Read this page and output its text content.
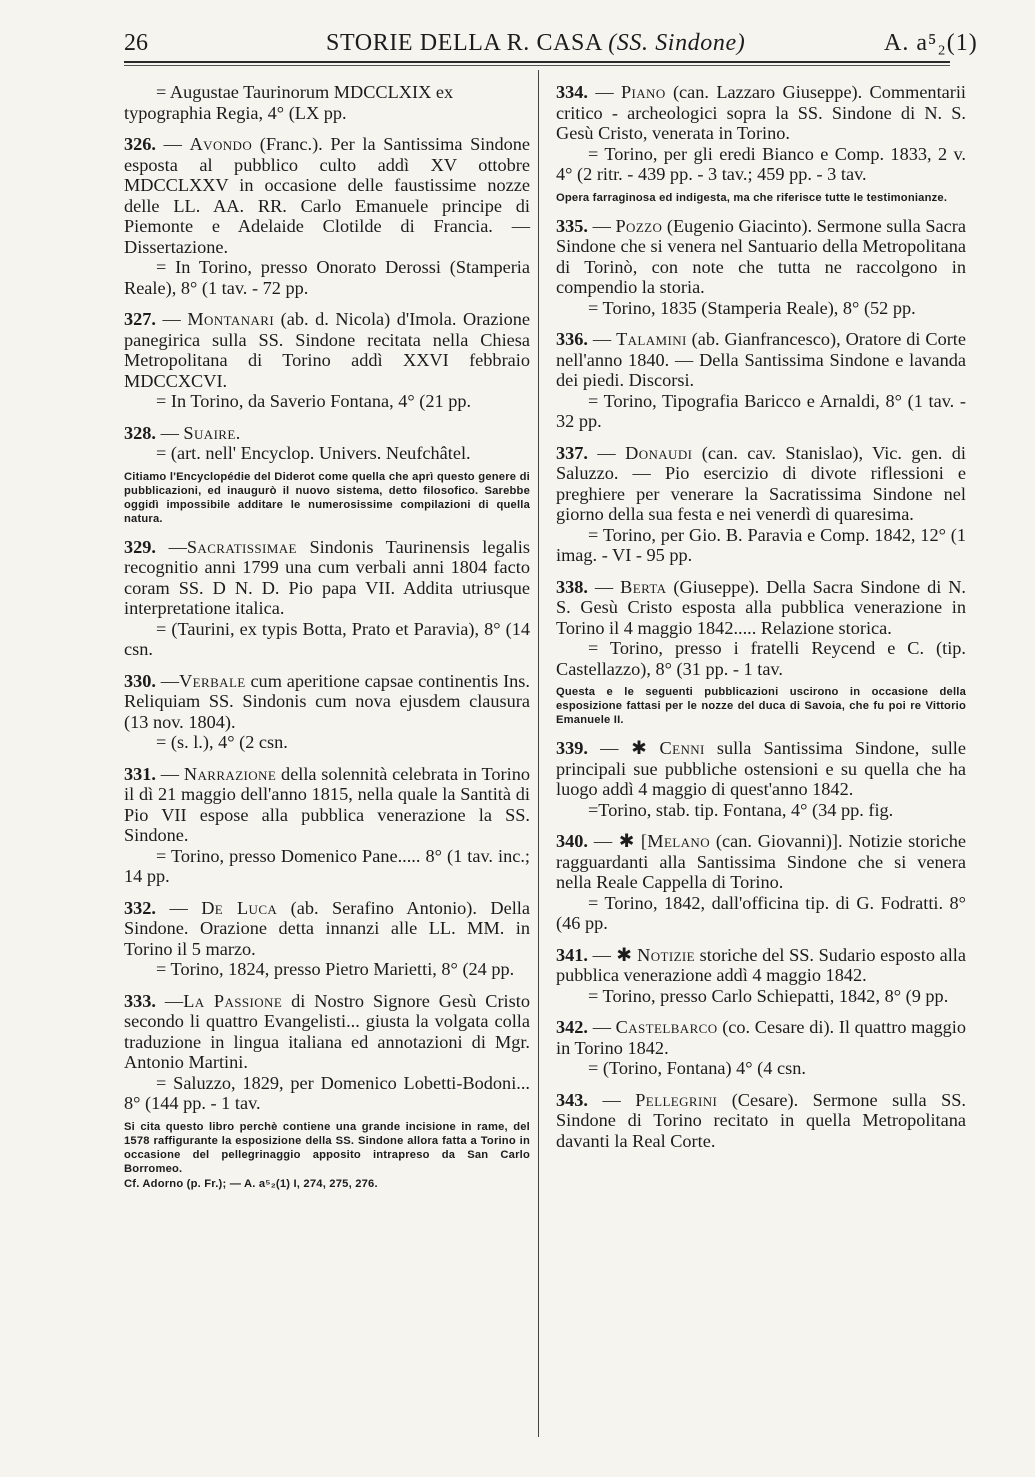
26	STORIE DELLA R. CASA (SS. Sindone)	A. a⁵₂(1)

= Augustae Taurinorum MDCCLXIX ex

typographia Regia, 4° (LX pp.

326. — Avondo (Franc.). Per la Santissima Sindone esposta al pubblico culto addì XV ottobre MDCCLXXV in occasione delle faustissime nozze delle LL. AA. RR. Carlo Emanuele principe di Piemonte e Adelaide Clotilde di Francia. — Dissertazione.

= In Torino, presso Onorato Derossi (Stamperia Reale), 8° (1 tav. - 72 pp.

327. — Montanari (ab. d. Nicola) d'Imola. Orazione panegirica sulla SS. Sindone recitata nella Chiesa Metropolitana di Torino addì XXVI febbraio MDCCXCVI.

= In Torino, da Saverio Fontana, 4° (21 pp.

328. — Suaire.

= (art. nell' Encyclop. Univers. Neufchâtel.

Citiamo l'Encyclopédie del Diderot come quella che aprì questo genere di pubblicazioni, ed inaugurò il nuovo sistema, detto filosofico. Sarebbe oggidì impossibile additare le numerosissime compilazioni di quella natura.

329. —Sacratissimae Sindonis Taurinensis legalis recognitio anni 1799 una cum verbali anni 1804 facto coram SS. D N. D. Pio papa VII. Addita utriusque interpretatione italica.

= (Taurini, ex typis Botta, Prato et Paravia), 8° (14 csn.

330. —Verbale cum aperitione capsae continentis Ins. Reliquiam SS. Sindonis cum nova ejusdem clausura (13 nov. 1804).

= (s. l.), 4° (2 csn.

331. — Narrazione della solennità celebrata in Torino il dì 21 maggio dell'anno 1815, nella quale la Santità di Pio VII espose alla pubblica venerazione la SS. Sindone.

= Torino, presso Domenico Pane..... 8° (1 tav. inc.; 14 pp.

332. — De Luca (ab. Serafino Antonio). Della Sindone. Orazione detta innanzi alle LL. MM. in Torino il 5 marzo.

= Torino, 1824, presso Pietro Marietti, 8° (24 pp.

333. —La Passione di Nostro Signore Gesù Cristo secondo li quattro Evangelisti... giusta la volgata colla traduzione in lingua italiana ed annotazioni di Mgr. Antonio Martini.

= Saluzzo, 1829, per Domenico Lobetti-Bodoni... 8° (144 pp. - 1 tav.

Si cita questo libro perchè contiene una grande incisione in rame, del 1578 raffigurante la esposizione della SS. Sindone allora fatta a Torino in occasione del pellegrinaggio apposito intrapreso da San Carlo Borromeo.

Cf. Adorno (p. Fr.); — A. a⁵₂(1) I, 274, 275, 276.

334. — Piano (can. Lazzaro Giuseppe). Commentarii critico - archeologici sopra la SS. Sindone di N. S. Gesù Cristo, venerata in Torino.

= Torino, per gli eredi Bianco e Comp. 1833, 2 v. 4° (2 ritr. - 439 pp. - 3 tav.; 459 pp. - 3 tav.

Opera farraginosa ed indigesta, ma che riferisce tutte le testimonianze.

335. — Pozzo (Eugenio Giacinto). Sermone sulla Sacra Sindone che si venera nel Santuario della Metropolitana di Torinò, con note che tutta ne raccolgono in compendio la storia.

= Torino, 1835 (Stamperia Reale), 8° (52 pp.

336. — Talamini (ab. Gianfrancesco), Oratore di Corte nell'anno 1840. — Della Santissima Sindone e lavanda dei piedi. Discorsi.

= Torino, Tipografia Baricco e Arnaldi, 8° (1 tav. - 32 pp.

337. — Donaudi (can. cav. Stanislao), Vic. gen. di Saluzzo. — Pio esercizio di divote riflessioni e preghiere per venerare la Sacratissima Sindone nel giorno della sua festa e nei venerdì di quaresima.

= Torino, per Gio. B. Paravia e Comp. 1842, 12° (1 imag. - VI - 95 pp.

338. — Berta (Giuseppe). Della Sacra Sindone di N. S. Gesù Cristo esposta alla pubblica venerazione in Torino il 4 maggio 1842..... Relazione storica.

= Torino, presso i fratelli Reycend e C. (tip. Castellazzo), 8° (31 pp. - 1 tav.

Questa e le seguenti pubblicazioni uscirono in occasione della esposizione fattasi per le nozze del duca di Savoia, che fu poi re Vittorio Emanuele II.

339. — ✱ Cenni sulla Santissima Sindone, sulle principali sue pubbliche ostensioni e su quella che ha luogo addì 4 maggio di quest'anno 1842.

=Torino, stab. tip. Fontana, 4° (34 pp. fig.

340. — ✱ [Melano (can. Giovanni)]. Notizie storiche ragguardanti alla Santissima Sindone che si venera nella Reale Cappella di Torino.

= Torino, 1842, dall'officina tip. di G. Fodratti. 8° (46 pp.

341. — ✱ Notizie storiche del SS. Sudario esposto alla pubblica venerazione addì 4 maggio 1842.

= Torino, presso Carlo Schiepatti, 1842, 8° (9 pp.

342. — Castelbarco (co. Cesare di). Il quattro maggio in Torino 1842.

= (Torino, Fontana) 4° (4 csn.

343. — Pellegrini (Cesare). Sermone sulla SS. Sindone di Torino recitato in quella Metropolitana davanti la Real Corte.
